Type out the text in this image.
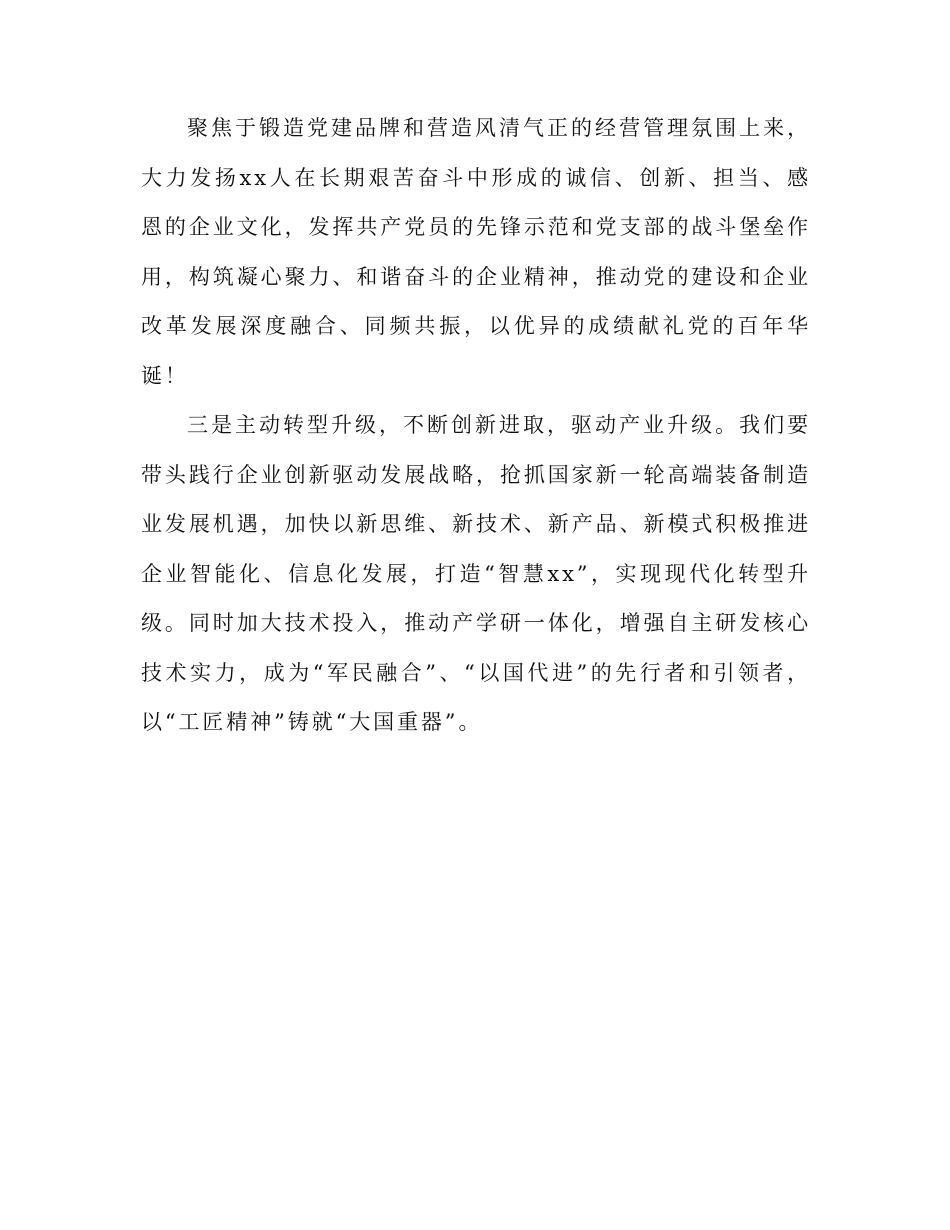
聚焦于锻造党建品牌和营造风清气正的经营管理氛围上来，大力发扬xx人在长期艰苦奋斗中形成的诚信、创新、担当、感恩的企业文化，发挥共产党员的先锋示范和党支部的战斗堡垒作用，构筑凝心聚力、和谐奋斗的企业精神，推动党的建设和企业改革发展深度融合、同频共振，以优异的成绩献礼党的百年华诞！

三是主动转型升级，不断创新进取，驱动产业升级。我们要带头践行企业创新驱动发展战略，抢抓国家新一轮高端装备制造业发展机遇，加快以新思维、新技术、新产品、新模式积极推进企业智能化、信息化发展，打造“智慧xx”，实现现代化转型升级。同时加大技术投入，推动产学研一体化，增强自主研发核心技术实力，成为“军民融合”、“以国代进”的先行者和引领者，以“工匠精神”铸就“大国重器”。
